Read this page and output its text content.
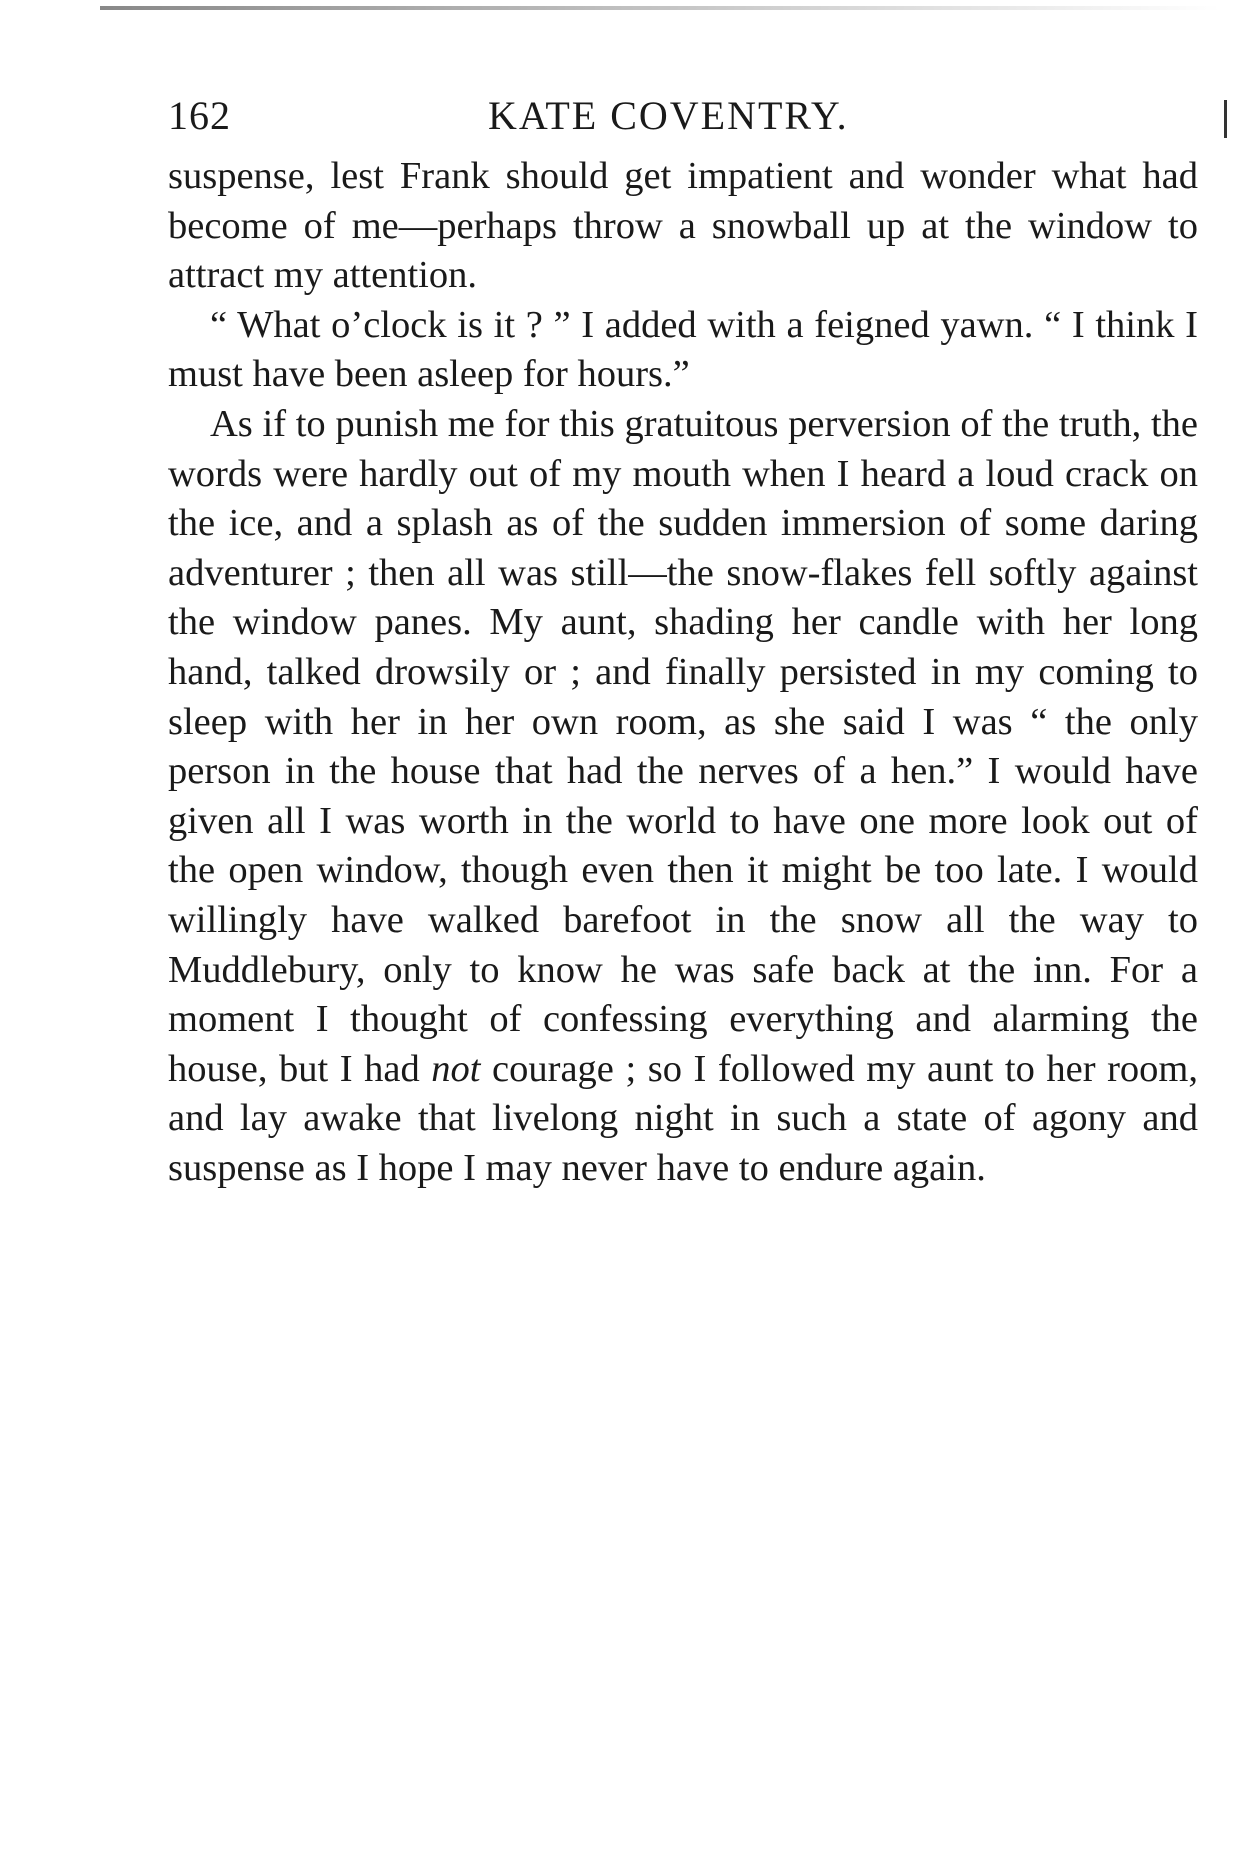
162	KATE COVENTRY.

suspense, lest Frank should get impatient and wonder what had become of me—perhaps throw a snowball up at the window to attract my attention.

“ What o’clock is it ? ” I added with a feigned yawn. “ I think I must have been asleep for hours.”

As if to punish me for this gratuitous perversion of the truth, the words were hardly out of my mouth when I heard a loud crack on the ice, and a splash as of the sudden immersion of some daring adventurer ; then all was still—the snow-flakes fell softly against the window panes. My aunt, shading her candle with her long hand, talked drowsily or ; and finally persisted in my coming to sleep with her in her own room, as she said I was “ the only person in the house that had the nerves of a hen.” I would have given all I was worth in the world to have one more look out of the open window, though even then it might be too late. I would willingly have walked barefoot in the snow all the way to Muddlebury, only to know he was safe back at the inn. For a moment I thought of confessing everything and alarming the house, but I had not courage ; so I followed my aunt to her room, and lay awake that livelong night in such a state of agony and suspense as I hope I may never have to endure again.
